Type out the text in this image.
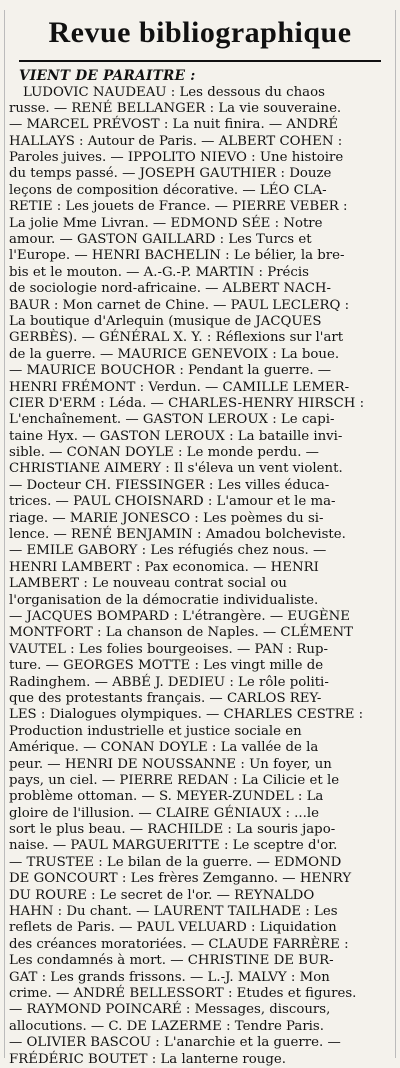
Revue bibliographique
VIENT DE PARAITRE :
LUDOVIC NAUDEAU : Les dessous du chaos
russe. — RENÉ BELLANGER : La vie souveraine.
— MARCEL PRÉVOST : La nuit finira. — ANDRÉ
HALLAYS : Autour de Paris. — ALBERT COHEN :
Paroles juives. — IPPOLITO NIEVO : Une histoire
du temps passé. — JOSEPH GAUTHIER : Douze
leçons de composition décorative. — LÉO CLA-
RETIE : Les jouets de France. — PIERRE VEBER :
La jolie Mme Livran. — EDMOND SÉE : Notre
amour. — GASTON GAILLARD : Les Turcs et
l'Europe. — HENRI BACHELIN : Le bélier, la bre-
bis et le mouton. — A.-G.-P. MARTIN : Précis
de sociologie nord-africaine. — ALBERT NACH-
BAUR : Mon carnet de Chine. — PAUL LECLERQ :
La boutique d'Arlequin (musique de JACQUES
GERBÈS). — GÉNÉRAL X. Y. : Réflexions sur l'art
de la guerre. — MAURICE GENEVOIX : La boue.
— MAURICE BOUCHOR : Pendant la guerre. —
HENRI FRÉMONT : Verdun. — CAMILLE LEMER-
CIER D'ERM : Léda. — CHARLES-HENRY HIRSCH :
L'enchaînement. — GASTON LEROUX : Le capi-
taine Hyx. — GASTON LEROUX : La bataille invi-
sible. — CONAN DOYLE : Le monde perdu. —
CHRISTIANE AIMERY : Il s'éleva un vent violent.
— Docteur CH. FIESSINGER : Les villes éduca-
trices. — PAUL CHOISNARD : L'amour et le ma-
riage. — MARIE JONESCO : Les poèmes du si-
lence. — RENÉ BENJAMIN : Amadou bolcheviste.
— EMILE GABORY : Les réfugiés chez nous. —
HENRI LAMBERT : Pax economica. — HENRI
LAMBERT : Le nouveau contrat social ou
l'organisation de la démocratie individualiste.
— JACQUES BOMPARD : L'étrangère. — EUGÈNE
MONTFORT : La chanson de Naples. — CLÉMENT
VAUTEL : Les folies bourgeoises. — PAN : Rup-
ture. — GEORGES MOTTE : Les vingt mille de
Radinghem. — ABBÉ J. DEDIEU : Le rôle politi-
que des protestants français. — CARLOS REY-
LES : Dialogues olympiques. — CHARLES CESTRE :
Production industrielle et justice sociale en
Amérique. — CONAN DOYLE : La vallée de la
peur. — HENRI DE NOUSSANNE : Un foyer, un
pays, un ciel. — PIERRE REDAN : La Cilicie et le
problème ottoman. — S. MEYER-ZUNDEL : La
gloire de l'illusion. — CLAIRE GÉNIAUX : ...le
sort le plus beau. — RACHILDE : La souris japo-
naise. — PAUL MARGUERITTE : Le sceptre d'or.
— TRUSTEE : Le bilan de la guerre. — EDMOND
DE GONCOURT : Les frères Zemganno. — HENRY
DU ROURE : Le secret de l'or. — REYNALDO
HAHN : Du chant. — LAURENT TAILHADE : Les
reflets de Paris. — PAUL VELUARD : Liquidation
des créances moratoriées. — CLAUDE FARRÈRE :
Les condamnés à mort. — CHRISTINE DE BUR-
GAT : Les grands frissons. — L.-J. MALVY : Mon
crime. — ANDRÉ BELLESSORT : Etudes et figures.
— RAYMOND POINCARÉ : Messages, discours,
allocutions. — C. DE LAZERME : Tendre Paris.
— OLIVIER BASCOU : L'anarchie et la guerre. —
FRÉDÉRIC BOUTET : La lanterne rouge.
